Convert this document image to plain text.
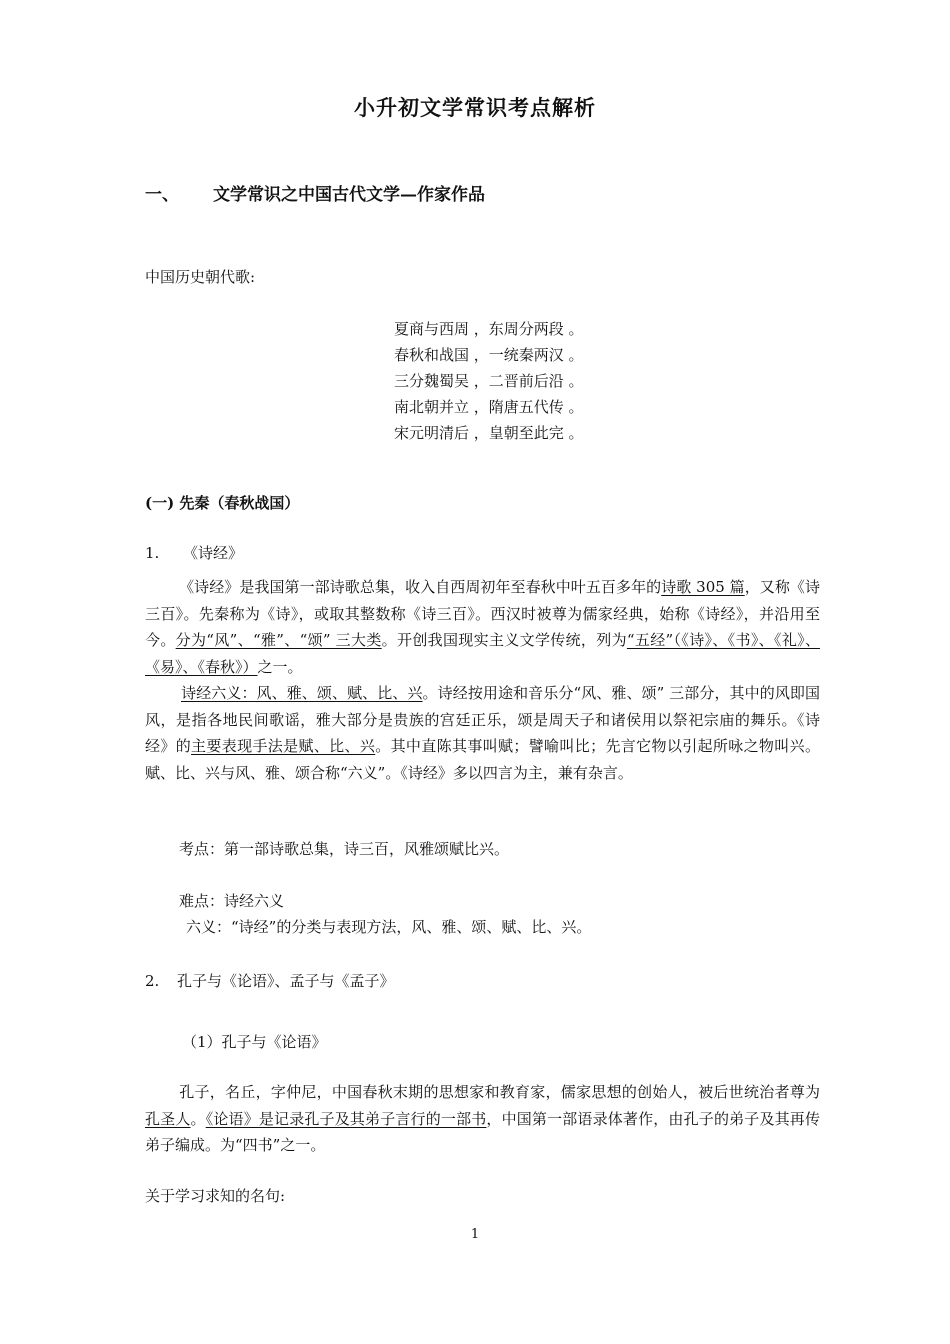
小升初文学常识考点解析
一、 文学常识之中国古代文学—作家作品
中国历史朝代歌:
夏商与西周 ，东周分两段 。
春秋和战国 ，一统秦两汉 。
三分魏蜀吴 ，二晋前后沿 。
南北朝并立 ，隋唐五代传 。
宋元明清后 ，皇朝至此完 。
(一) 先秦（春秋战国）
1. 《诗经》
《诗经》是我国第一部诗歌总集，收入自西周初年至春秋中叶五百多年的诗歌 305 篇，又称《诗三百》。先秦称为《诗》，或取其整数称《诗三百》。西汉时被尊为儒家经典，始称《诗经》，并沿用至今。分为“风”、“雅”、“颂” 三大类。开创我国现实主义文学传统，列为“五经”（《诗》、《书》、《礼》、《易》、《春秋》）之一。
诗经六义：风、雅、颂、赋、比、兴。诗经按用途和音乐分“风、雅、颂” 三部分，其中的风即国风，是指各地民间歌谣，雅大部分是贵族的宫廷正乐，颂是周天子和诸侯用以祭祀宗庙的舞乐。《诗经》的主要表现手法是赋、比、兴。其中直陈其事叫赋；譬喻叫比；先言它物以引起所咏之物叫兴。赋、比、兴与风、雅、颂合称“六义”。《诗经》多以四言为主，兼有杂言。
考点：第一部诗歌总集，诗三百，风雅颂赋比兴。
难点：诗经六义
六义：“诗经”的分类与表现方法，风、雅、颂、赋、比、兴。
2. 孔子与《论语》、孟子与《孟子》
（1）孔子与《论语》
孔子，名丘，字仲尼，中国春秋末期的思想家和教育家，儒家思想的创始人，被后世统治者尊为孔圣人。《论语》是记录孔子及其弟子言行的一部书，中国第一部语录体著作，由孔子的弟子及其再传弟子编成。为“四书”之一。
关于学习求知的名句:
1
